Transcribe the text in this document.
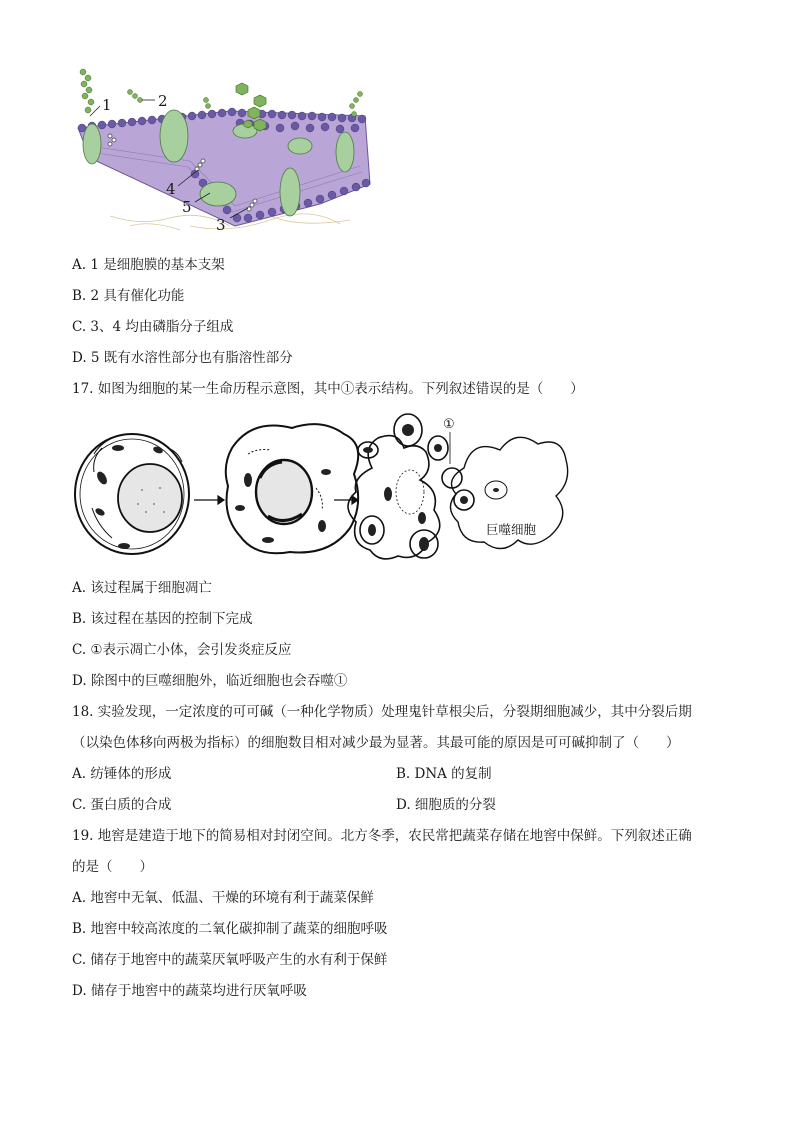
1	2
4
5
3
A. 1 是细胞膜的基本支架
B. 2 具有催化功能
C. 3、4 均由磷脂分子组成
D. 5 既有水溶性部分也有脂溶性部分
17. 如图为细胞的某一生命历程示意图，其中①表示结构。下列叙述错误的是（　　）
①
巨噬细胞
A. 该过程属于细胞凋亡
B. 该过程在基因的控制下完成
C. ①表示凋亡小体，会引发炎症反应
D. 除图中的巨噬细胞外，临近细胞也会吞噬①
18. 实验发现，一定浓度的可可碱（一种化学物质）处理鬼针草根尖后，分裂期细胞减少，其中分裂后期
（以染色体移向两极为指标）的细胞数目相对减少最为显著。其最可能的原因是可可碱抑制了（　　）
A. 纺锤体的形成	B. DNA 的复制
C. 蛋白质的合成	D. 细胞质的分裂
19. 地窖是建造于地下的简易相对封闭空间。北方冬季，农民常把蔬菜存储在地窖中保鲜。下列叙述正确
的是（　　）
A. 地窖中无氧、低温、干燥的环境有利于蔬菜保鲜
B. 地窖中较高浓度的二氧化碳抑制了蔬菜的细胞呼吸
C. 储存于地窖中的蔬菜厌氧呼吸产生的水有利于保鲜
D. 储存于地窖中的蔬菜均进行厌氧呼吸
